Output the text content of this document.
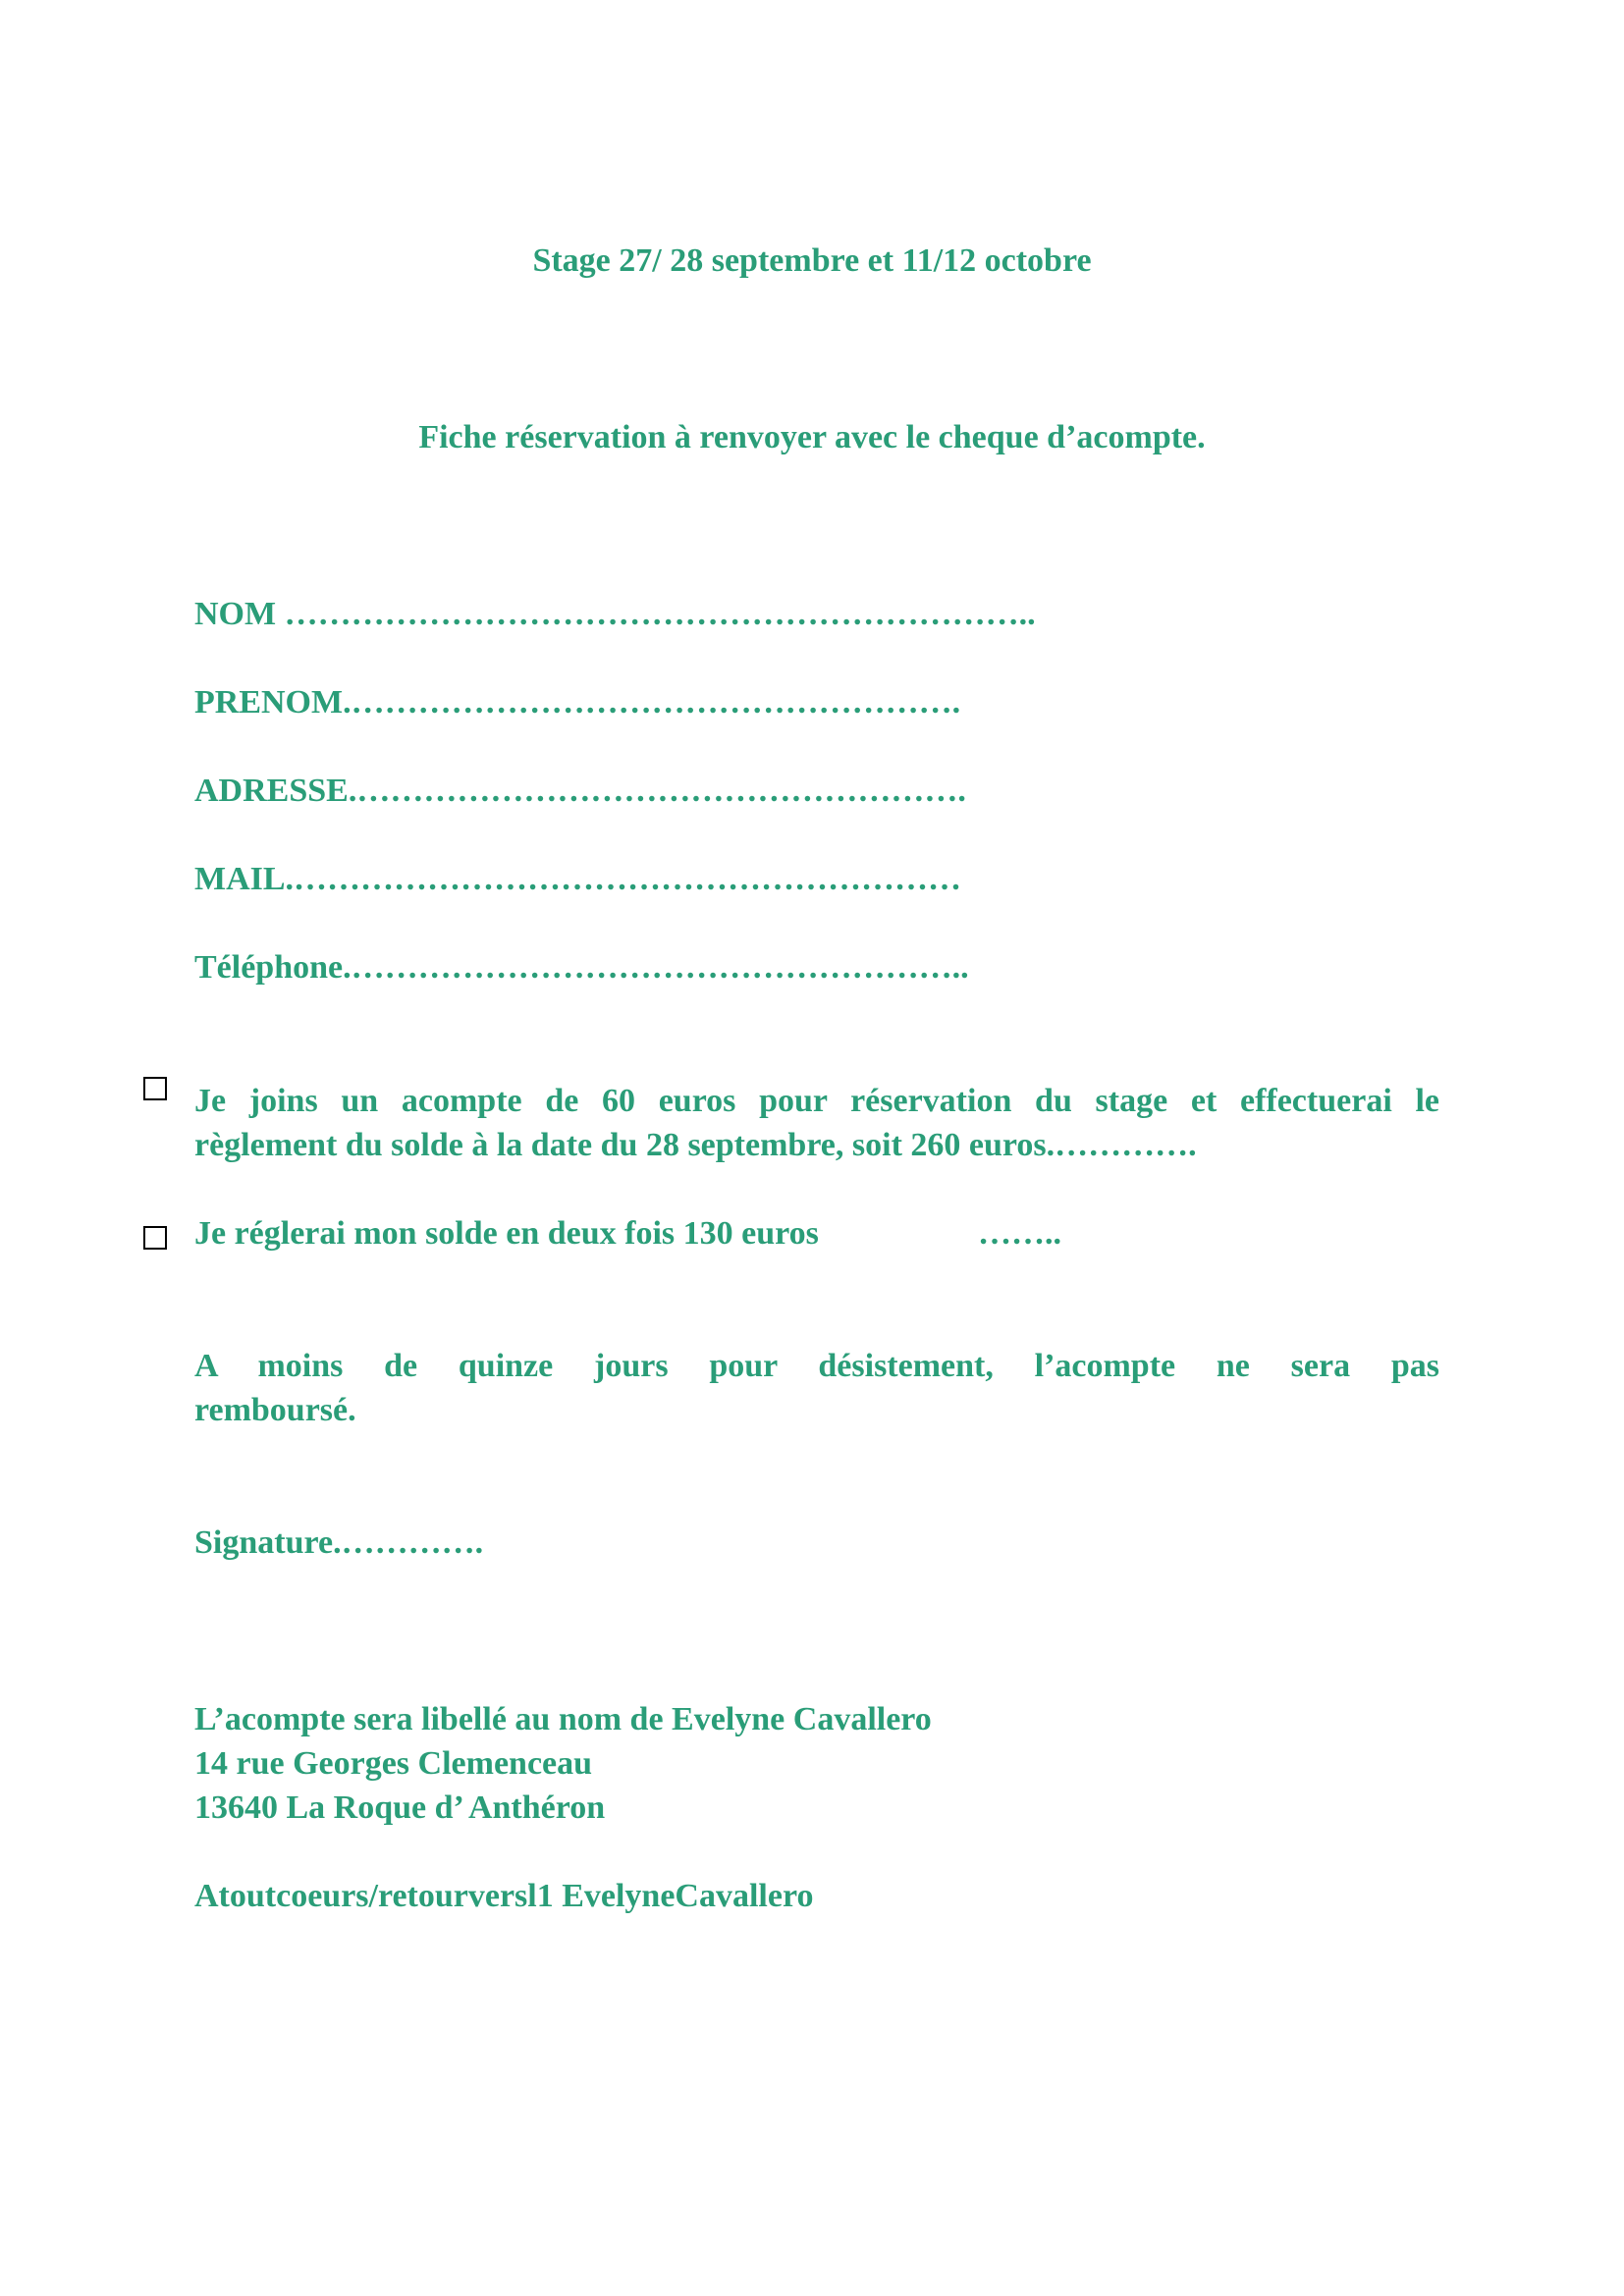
Stage 27/ 28 septembre et 11/12 octobre
Fiche réservation à renvoyer avec le cheque d’acompte.
NOM …………………………………………………………..
PRENOM.……………………………………………….
ADRESSE.……………………………………………….
MAIL.……………………………………………………
Téléphone.………………………………………………..
Je joins un acompte de 60 euros pour réservation du stage et effectuerai le
règlement du solde à la date du 28 septembre, soit 260 euros.………….
Je réglerai mon solde en deux fois 130 euros	……..
A moins de quinze jours pour désistement, l’acompte ne sera pas
remboursé.
Signature.………….
L’acompte sera libellé au nom de Evelyne Cavallero
14 rue Georges Clemenceau
13640 La Roque d’ Anthéron
Atoutcoeurs/retourversl1 EvelyneCavallero
